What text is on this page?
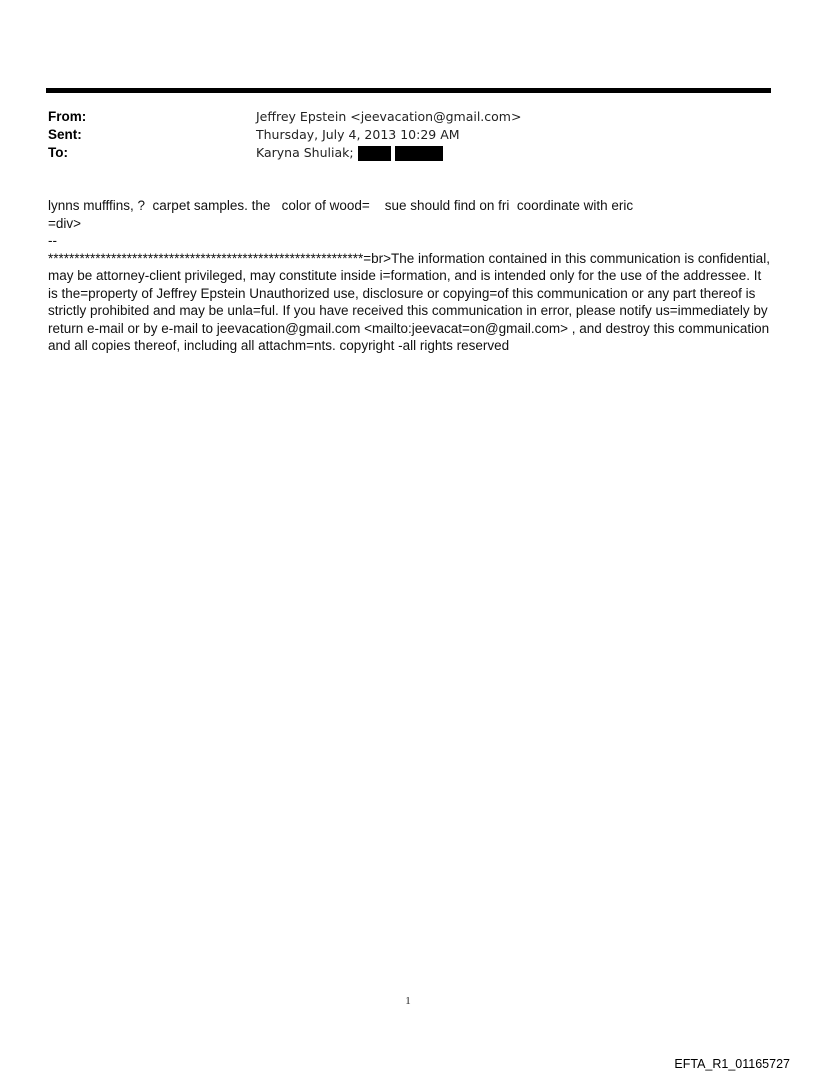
From:	Jeffrey Epstein <jeevacation@gmail.com>
Sent:	Thursday, July 4, 2013 10:29 AM
To:	Karyna Shuliak;

lynns mufffins, ?  carpet samples. the   color of wood=    sue should find on fri  coordinate with eric

=div>

--

************************************************************=br>The information contained in this communication is confidential, may be attorney-client privileged, may constitute inside i=formation, and is intended only for the use of the addressee. It is the=property of Jeffrey Epstein Unauthorized use, disclosure or copying=of this communication or any part thereof is strictly prohibited and may be unla=ful. If you have received this communication in error, please notify us=immediately by return e-mail or by e-mail to jeevacation@gmail.com <mailto:jeevacat=on@gmail.com> , and destroy this communication and all copies thereof, including all attachm=nts. copyright -all rights reserved

1
EFTA_R1_01165727
